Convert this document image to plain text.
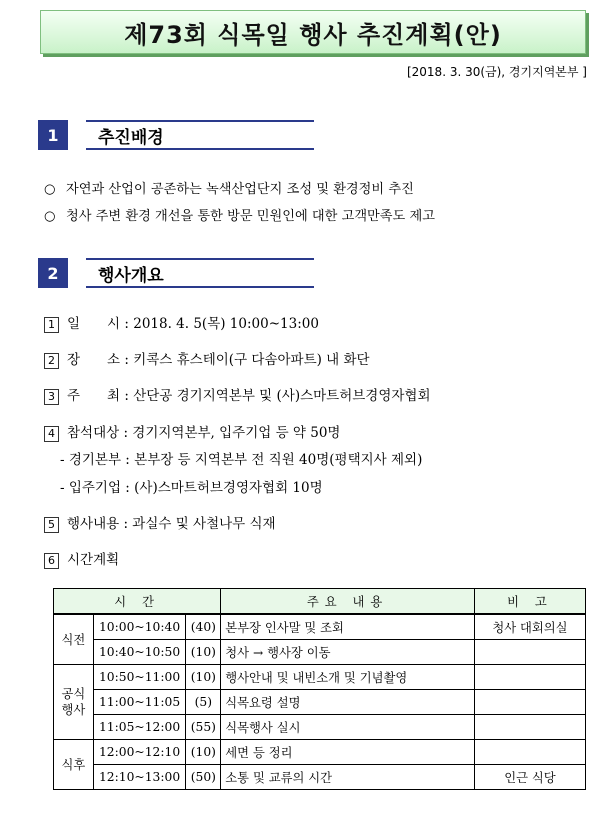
제73회 식목일 행사 추진계획(안)
[2018. 3. 30(금), 경기지역본부 ]
1	추진배경
○ 자연과 산업이 공존하는 녹색산업단지 조성 및 환경정비 추진
○ 청사 주변 환경 개선을 통한 방문 민원인에 대한 고객만족도 제고
2	행사개요
1 일　　시 : 2018. 4. 5(목) 10:00~13:00
2 장　　소 : 키콕스 휴스테이(구 다솜아파트) 내 화단
3 주　　최 : 산단공 경기지역본부 및 (사)스마트허브경영자협회
4 참석대상 : 경기지역본부, 입주기업 등 약 50명
- 경기본부 : 본부장 등 지역본부 전 직원 40명(평택지사 제외)
- 입주기업 : (사)스마트허브경영자협회 10명
5 행사내용 : 과실수 및 사철나무 식재
6 시간계획
시 간			주요 내용	비 고

식전	10:00~10:40	(40)	본부장 인사말 및 조회	청사 대회의실
	10:40~10:50	(10)	청사 → 행사장 이동	

공식
행사	10:50~11:00	(10)	행사안내 및 내빈소개 및 기념촬영	
	11:00~11:05	(5)	식목요령 설명	
	11:05~12:00	(55)	식목행사 실시	

식후	12:00~12:10	(10)	세면 등 정리	
	12:10~13:00	(50)	소통 및 교류의 시간	인근 식당
